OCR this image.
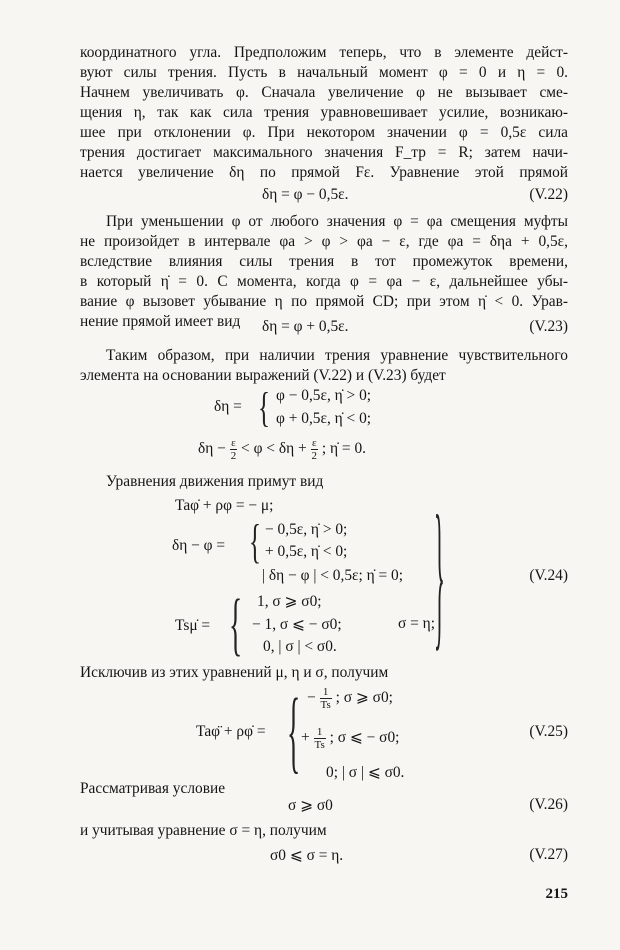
координатного угла. Предположим теперь, что в элементе дейст-
вуют силы трения. Пусть в начальный момент φ = 0 и η = 0.
Начнем увеличивать φ. Сначала увеличение φ не вызывает сме-
щения η, так как сила трения уравновешивает усилие, возникаю-
шее при отклонении φ. При некотором значении φ = 0,5ε сила
трения достигает максимального значения F_тр = R; затем начи-
нается увеличение δη по прямой Fε. Уравнение этой прямой
δη = φ − 0,5ε.	(V.22)
При уменьшении φ от любого значения φ = φa смещения муфты
не произойдет в интервале φa > φ > φa − ε, где φa = δηa + 0,5ε,
вследствие влияния силы трения в тот промежуток времени,
в который η̇ = 0. С момента, когда φ = φa − ε, дальнейшее убы-
вание φ вызовет убывание η по прямой CD; при этом η̇ < 0. Урав-
нение прямой имеет вид	δη = φ + 0,5ε.	(V.23)
Таким образом, при наличии трения уравнение чувствительного
элемента на основании выражений (V.22) и (V.23) будет
δη = { φ − 0,5ε, η̇ > 0;
φ + 0,5ε, η̇ < 0;
$\delta\eta - \frac{\varepsilon}{2} < \varphi < \delta\eta + \frac{\varepsilon}{2}$ ; η̇ = 0.
Уравнения движения примут вид
Taφ̇ + ρφ = − μ;
δη − φ = { − 0,5ε, η̇ > 0;
+ 0,5ε, η̇ < 0;
| δη − φ | < 0,5ε; η̇ = 0;
Tsμ̇ = { 1, σ ⩾ σ0;
− 1, σ ⩽ − σ0;
0, | σ | < σ0.
σ = η; }	(V.24)
Исключив из этих уравнений μ, η и σ, получим
Taφ̈ + ρφ̇ = { − $\frac{1}{Ts}$ ; σ ⩾ σ0;
+ $\frac{1}{Ts}$ ; σ ⩽ − σ0;
0; | σ | ⩽ σ0.
(V.25)
Рассматривая условие
σ ⩾ σ0	(V.26)
и учитывая уравнение σ = η, получим
σ0 ⩽ σ = η.	(V.27)
215
